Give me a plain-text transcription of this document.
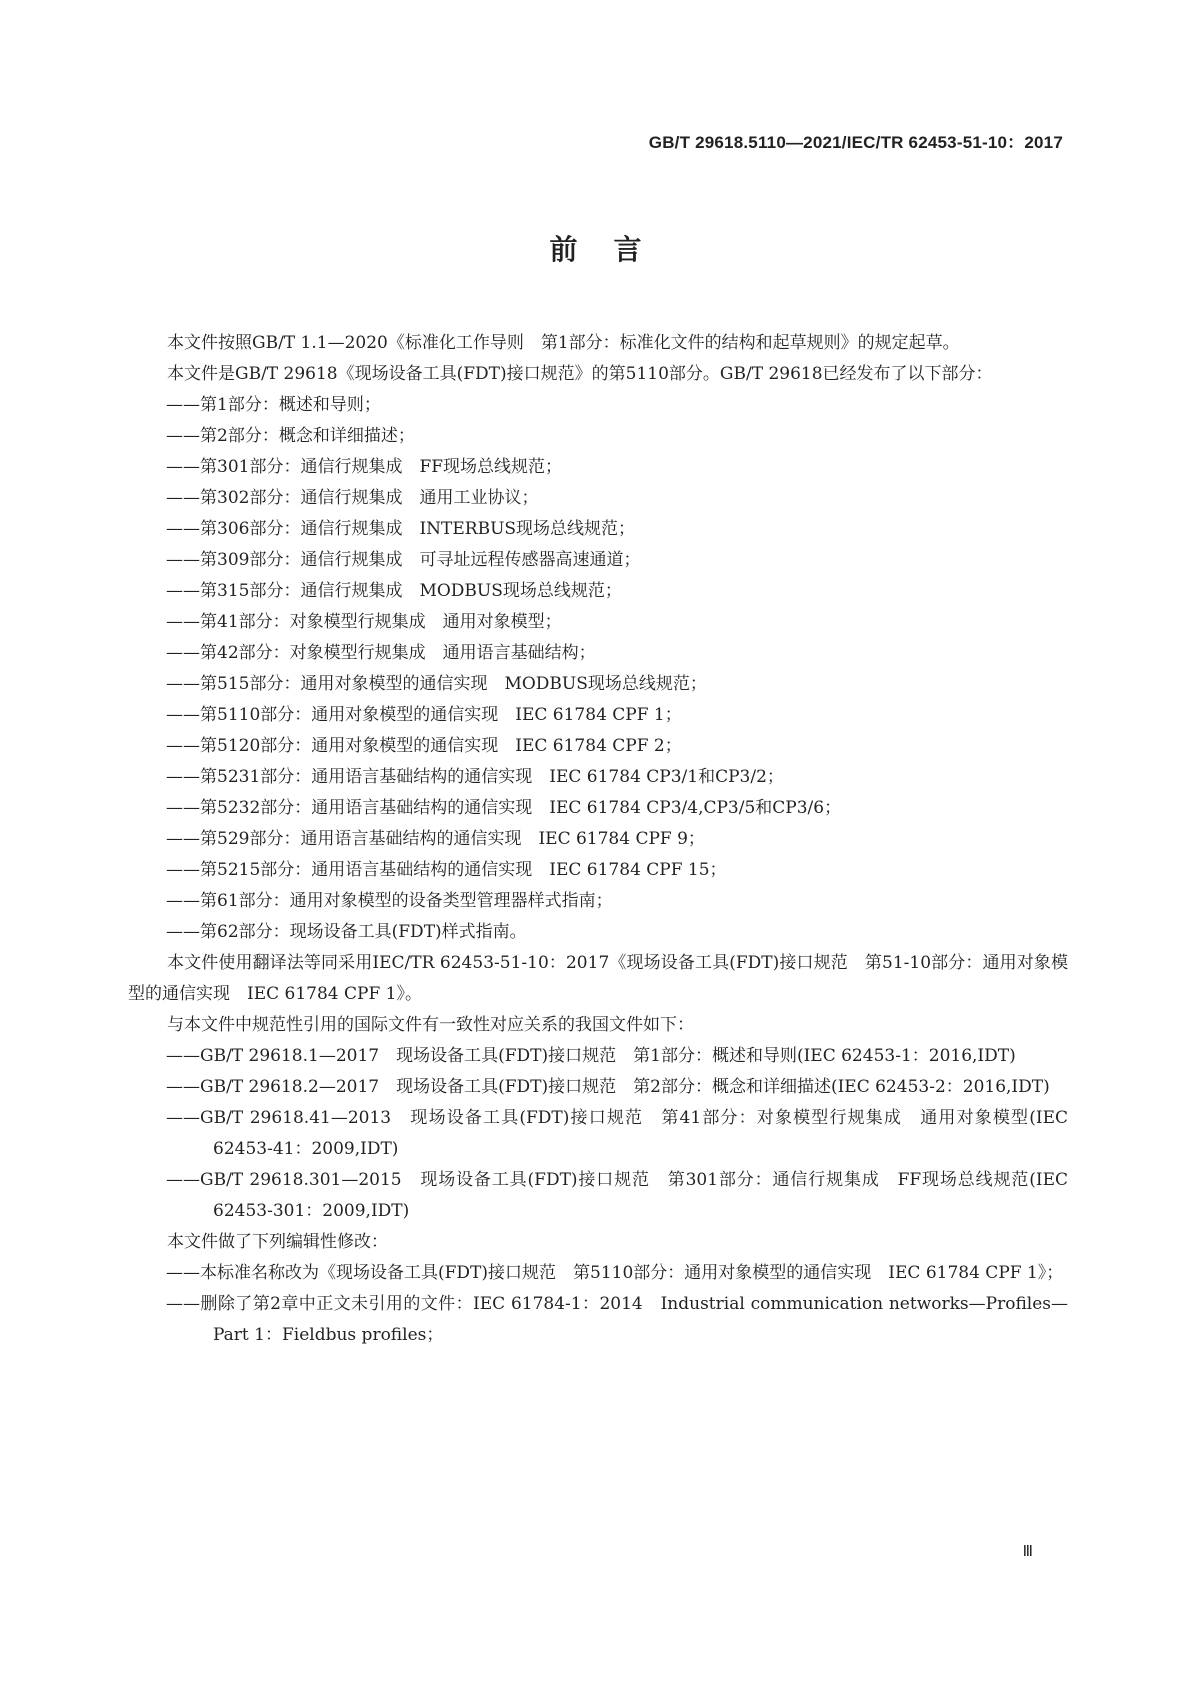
GB/T 29618.5110—2021/IEC/TR 62453-51-10：2017
前言

本文件按照GB/T 1.1—2020《标准化工作导则　第1部分：标准化文件的结构和起草规则》的规定起草。

本文件是GB/T 29618《现场设备工具(FDT)接口规范》的第5110部分。GB/T 29618已经发布了以下部分：

——第1部分：概述和导则；

——第2部分：概念和详细描述；

——第301部分：通信行规集成　FF现场总线规范；

——第302部分：通信行规集成　通用工业协议；

——第306部分：通信行规集成　INTERBUS现场总线规范；

——第309部分：通信行规集成　可寻址远程传感器高速通道；

——第315部分：通信行规集成　MODBUS现场总线规范；

——第41部分：对象模型行规集成　通用对象模型；

——第42部分：对象模型行规集成　通用语言基础结构；

——第515部分：通用对象模型的通信实现　MODBUS现场总线规范；

——第5110部分：通用对象模型的通信实现　IEC 61784 CPF 1；

——第5120部分：通用对象模型的通信实现　IEC 61784 CPF 2；

——第5231部分：通用语言基础结构的通信实现　IEC 61784 CP3/1和CP3/2；

——第5232部分：通用语言基础结构的通信实现　IEC 61784 CP3/4,CP3/5和CP3/6；

——第529部分：通用语言基础结构的通信实现　IEC 61784 CPF 9；

——第5215部分：通用语言基础结构的通信实现　IEC 61784 CPF 15；

——第61部分：通用对象模型的设备类型管理器样式指南；

——第62部分：现场设备工具(FDT)样式指南。

本文件使用翻译法等同采用IEC/TR 62453-51-10：2017《现场设备工具(FDT)接口规范　第51-10部分：通用对象模型的通信实现　IEC 61784 CPF 1》。

与本文件中规范性引用的国际文件有一致性对应关系的我国文件如下：

——GB/T 29618.1—2017　现场设备工具(FDT)接口规范　第1部分：概述和导则(IEC 62453-1：2016,IDT)

——GB/T 29618.2—2017　现场设备工具(FDT)接口规范　第2部分：概念和详细描述(IEC 62453-2：2016,IDT)

——GB/T 29618.41—2013　现场设备工具(FDT)接口规范　第41部分：对象模型行规集成　通用对象模型(IEC 62453-41：2009,IDT)

——GB/T 29618.301—2015　现场设备工具(FDT)接口规范　第301部分：通信行规集成　FF现场总线规范(IEC 62453-301：2009,IDT)

本文件做了下列编辑性修改：

——本标准名称改为《现场设备工具(FDT)接口规范　第5110部分：通用对象模型的通信实现　IEC 61784 CPF 1》；

——删除了第2章中正文未引用的文件：IEC 61784-1：2014　Industrial communication networks—Profiles—Part 1：Fieldbus profiles；

Ⅲ
